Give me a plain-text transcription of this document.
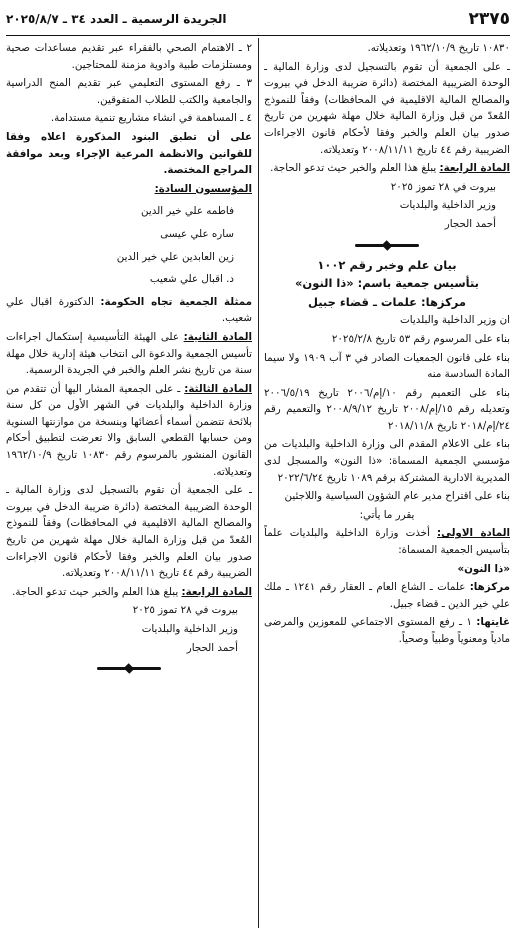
الجريدة الرسمية ـ العدد ٣٤ ـ ٢٠٢٥/٨/٧	٢٣٧٥

١٠٨٣٠ تاريخ ١٩٦٢/١٠/٩ وتعديلاته.

ـ على الجمعية أن تقوم بالتسجيل لدى وزارة المالية ـ الوحدة الضريبية المختصة (دائرة ضريبة الدخل في بيروت والمصالح المالية الاقليمية في المحافظات) وفقاً للنموذج المُعدّ من قبل وزارة المالية خلال مهلة شهرين من تاريخ صدور بيان العلم والخبر وفقا لأحكام قانون الاجراءات الضريبية رقم ٤٤ تاريخ ٢٠٠٨/١١/١١ وتعديلاته.

المادة الرابعة: يبلغ هذا العلم والخبر حيث تدعو الحاجة.

بيروت في ٢٨ تموز ٢٠٢٥

وزير الداخلية والبلديات

أحمد الحجار

بيان علم وخبر رقم ١٠٠٢

بتأسيس جمعية باسم: «ذا النون»

مركزها: علمات ـ قضاء جبيل

ان وزير الداخلية والبلديات

بناء على المرسوم رقم ٥٣ تاريخ ٢٠٢٥/٢/٨

بناء على قانون الجمعيات الصادر في ٣ آب ١٩٠٩ ولا سيما المادة السادسة منه

بناء على التعميم رقم ١٠/إم/٢٠٠٦ تاريخ ٢٠٠٦/٥/١٩ وتعديله رقم ١٥/إم/٢٠٠٨ تاريخ ٢٠٠٨/٩/١٢ والتعميم رقم ٢٤/إم/٢٠١٨ تاريخ ٢٠١٨/١١/٨

بناء على الاعلام المقدم الى وزارة الداخلية والبلديات من مؤسسي الجمعية المسماة: «ذا النون» والمسجل لدى المديرية الادارية المشتركة برقم ١٠٨٩ تاريخ ٢٠٢٢/٦/٢٤

بناء على اقتراح مدير عام الشؤون السياسية واللاجئين

يقرر ما يأتي:

المادة الاولى: أخذت وزارة الداخلية والبلديات علماً بتأسيس الجمعية المسماة:

«ذا النون»

مركزها: علمات ـ الشاع العام ـ العقار رقم ١٢٤١ ـ ملك علي خير الدين ـ قضاء جبيل.

غايتها: ١ ـ رفع المستوى الاجتماعي للمعوزين والمرضى مادياً ومعنوياً وطبياً وصحياً.

٢ ـ الاهتمام الصحي بالفقراء عبر تقديم مساعدات صحية ومستلزمات طبية وادوية مزمنة للمحتاجين.

٣ ـ رفع المستوى التعليمي عبر تقديم المنح الدراسية والجامعية والكتب للطلاب المتفوقين.

٤ ـ المساهمة في انشاء مشاريع تنمية مستدامة.

على أن تطبق البنود المذكورة اعلاه وفقا للقوانين والانظمة المرعية الإجراء وبعد موافقة المراجع المختصة.

المؤسسون السادة:

فاطمه علي خير الدين
ساره علي عيسى
زين العابدين علي خير الدين
د. اقبال علي شعيب

ممثلة الجمعية تجاه الحكومة: الدكتورة اقبال علي شعيب.

المادة الثانية: على الهيئة التأسيسية إستكمال اجراءات تأسيس الجمعية والدعوة الى انتخاب هيئة إدارية خلال مهلة سنة من تاريخ نشر العلم والخبر في الجريدة الرسمية.

المادة الثالثة: ـ على الجمعية المشار اليها أن تتقدم من وزارة الداخلية والبلديات في الشهر الأول من كل سنة بلائحة تتضمن أسماء أعضائها وبنسخة من موازنتها السنوية ومن حسابها القطعي السابق والا تعرضت لتطبيق أحكام القانون المنشور بالمرسوم رقم ١٠٨٣٠ تاريخ ١٩٦٢/١٠/٩ وتعديلاته.

ـ على الجمعية أن تقوم بالتسجيل لدى وزارة المالية ـ الوحدة الضريبية المختصة (دائرة ضريبة الدخل في بيروت والمصالح المالية الاقليمية في المحافظات) وفقاً للنموذج المُعدّ من قبل وزارة المالية خلال مهلة شهرين من تاريخ صدور بيان العلم والخبر وفقا لأحكام قانون الاجراءات الضريبية رقم ٤٤ تاريخ ٢٠٠٨/١١/١١ وتعديلاته.

المادة الرابعة: يبلغ هذا العلم والخبر حيث تدعو الحاجة.

بيروت في ٢٨ تموز ٢٠٢٥

وزير الداخلية والبلديات

أحمد الحجار
